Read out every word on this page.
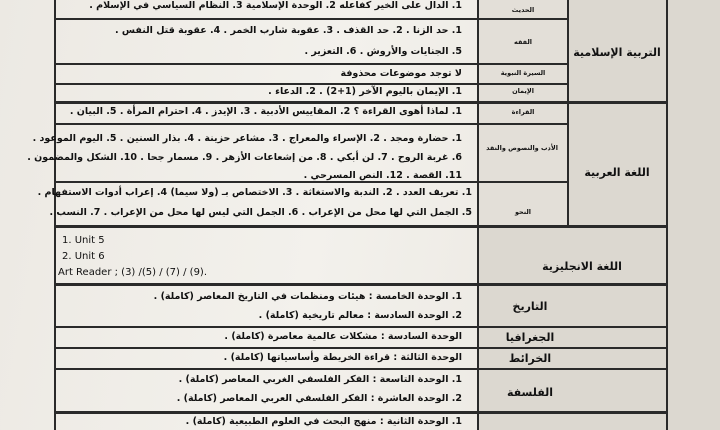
التربية الإسلامية
اللغة العربية
اللغة الانجليزية
التاريخ
الجغرافيا
الخرائط
الفلسفة
الحديث
الفقه
السيرة النبوية
الإيمان
القراءة
الأدب والنصوص والنقد
النحو
1. الدال على الخير كفاعله 2. الوحدة الإسلامية 3. النظام السياسي في الإسلام .
1. حد الزنا . 2. حد القذف . 3. عقوبة شارب الخمر . 4. عقوبة قتل النفس .
5. الجنايات والأروش . 6. التعزير .
لا توجد موضوعات محذوفة
1. الإيمان باليوم الآخر (1+2) . 2. الدعاء .
1. لماذا أهوى القراءة ؟ 2. المقاييس الأدبية . 3. الإيدز . 4. احترام المرأة . 5. البيان .
1. حضارة ومجد . 2. الإسراء والمعراج . 3. مشاعر حزينة . 4. بذار السنين . 5. اليوم الموعود .
6. غربة الروح . 7. لن أبكي . 8. من إشعاعات الأزهر . 9. مسمار جحا . 10. الشكل والمضمون .
11. القصة . 12. النص المسرحي .
1. تعريف العدد . 2. الندبة والاستغاثة . 3. الاختصاص بـ (ولا سيما) 4. إعراب أدوات الاستفهام .
5. الجمل التي لها محل من الإعراب . 6. الجمل التي ليس لها محل من الإعراب . 7. النسب .
1. Unit 5
2. Unit 6
Art Reader ; (3) /(5) / (7) / (9).
1. الوحدة الخامسة : هيئات ومنظمات في التاريخ المعاصر (كاملة) .
2. الوحدة السادسة : معالم تاريخية (كاملة) .
الوحدة السادسة : مشكلات عالمية معاصرة (كاملة) .
الوحدة الثالثة : قراءة الخريطة وأساسياتها (كاملة) .
1. الوحدة التاسعة : الفكر الفلسفي الغربي المعاصر (كاملة) .
2. الوحدة العاشرة : الفكر الفلسفي العربي المعاصر (كاملة) .
1. الوحدة الثانية : منهج البحث في العلوم الطبيعية (كاملة) .
